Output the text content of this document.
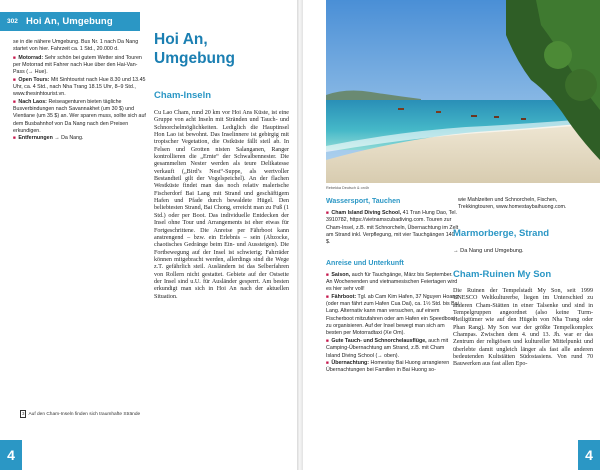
302 Hoi An, Umgebung
se in die nähere Umgebung. Bus Nr. 1 nach Da Nang
startet von hier. Fahrzeit ca. 1 Std., 20.000 d.
■ Motorrad: Sehr schön bei gutem Wetter sind Touren per Motorrad mit Fahrer nach Hue über den Hai-Van-Pass (→ Hue).
■ Open Tours: Mit Sinhtourist nach Hue 8.30 und 13.45 Uhr, ca. 4 Std., nach Nha Trang 18.15 Uhr, 8–9 Std., www.thesinhtourist.vn.
■ Nach Laos: Reiseagenturen bieten tägliche Busverbindungen nach Savannakhet (um 30 $) und Vientiane (um 35 $) an. Wer sparen muss, sollte sich auf dem Busbahnhof von Da Nang nach den Preisen erkundigen.
■ Entfernungen → Da Nang.
Hoi An,
Umgebung
Cham-Inseln
Cu Lao Cham, rund 20 km vor Hoi Ans Küste, ist eine Gruppe von acht Inseln mit Stränden und Tauch- und Schnorchelmöglichkeiten. Lediglich die Hauptinsel Hon Lao ist bewohnt. Das Inselinnere ist gebirgig mit tropischer Vegetation, die Ostküste fällt steil ab. In Felsen und Grotten nisten Salanganen, Ranger kontrollieren die „Ernte“ der Schwalbennester. Die gesammelten Nester werden als teure Delikatesse verkauft („Bird’s Nest“-Suppe, als wertvoller Bestandteil gilt der Vogelspeichel). An der flachen Westküste findet man das noch relativ malerische Fischerdorf Bai Lang mit Strand und geschäftigem Hafen und Pfade durch bewaldete Hügel. Den beliebtesten Strand, Bai Chong, erreicht man zu Fuß (1 Std.) oder per Boot. Das individuelle Entdecken der Insel ohne Tour und Arrangements ist eher etwas für Fortgeschrittene. Die Anreise per Fährboot kann anstrengend – bzw. ein Erlebnis – sein (Abzocke, chaotisches Gedränge beim Ein- und Aussteigen). Die Fortbewegung auf der Insel ist schwierig; Fahrräder können mitgebracht werden, allerdings sind die Wege z.T. gefährlich steil. Ausländern ist das Selberfahren von Rollern nicht gestattet. Gebiete auf der Ostseite der Insel sind u.U. für Ausländer gesperrt. Am besten erkundigt man sich in Hoi An nach der aktuellen Situation.
3 Auf den Cham-Inseln finden sich traumhafte Strände
4
Rebekka Deutsch & on4h
Wassersport, Tauchen
■ Cham Island Diving School, 41 Tran Hung Dao, Tel. 3910782, https://vietnamscubadiving.com. Touren zur Cham-Insel, z.B. mit Schnorcheln, Übernachtung im Zelt am Strand inkl. Verpflegung, mit vier Tauchgängen 140 $.
Anreise und Unterkunft
■ Saison, auch für Tauchgänge, März bis September. An Wochenenden und vietnamesischen Feiertagen wird es hier sehr voll!
■ Fährboot: Tgl. ab Cam Kim Hafen, 37 Nguyen Hoang (oder man fährt zum Hafen Cua Dai), ca. 1½ Std. bis Bai Lang. Alternativ kann man versuchen, auf einem Fischerboot mitzufahren oder am Hafen ein Speedboat zu organisieren. Auf der Insel bewegt man sich am besten per Motorradtaxi (Xe Om).
■ Gute Tauch- und Schnorchelausflüge, auch mit Camping-Übernachtung am Strand, z.B. mit Cham Island Diving School (→ oben).
■ Übernachtung: Homestay Bai Huong arrangieren Übernachtungen bei Familien in Bai Huong so-
wie Mahlzeiten und Schnorcheln, Fischen, Trekkingtouren, www.homestaybaihuong.com.
Marmorberge, Strand
→ Da Nang und Umgebung.
Cham-Ruinen My Son
Die Ruinen der Tempelstadt My Son, seit 1999 UNESCO Weltkulturerbe, liegen im Unterschied zu anderen Cham-Stätten in einer Talsenke und sind in Tempelgruppen angeordnet (also keine Turm-Heiligtümer wie auf den Hügeln von Nha Trang oder Phan Rang). My Son war der größte Tempelkomplex Champas. Zwischen dem 4. und 13. Jh. war er das Zentrum der religiösen und kultureller Mittelpunkt und überlebte damit ungleich länger als fast alle anderen bedeutenden Kultstätten Südostasiens. Von rund 70 Bauwerken aus fast allen Epo-
4
